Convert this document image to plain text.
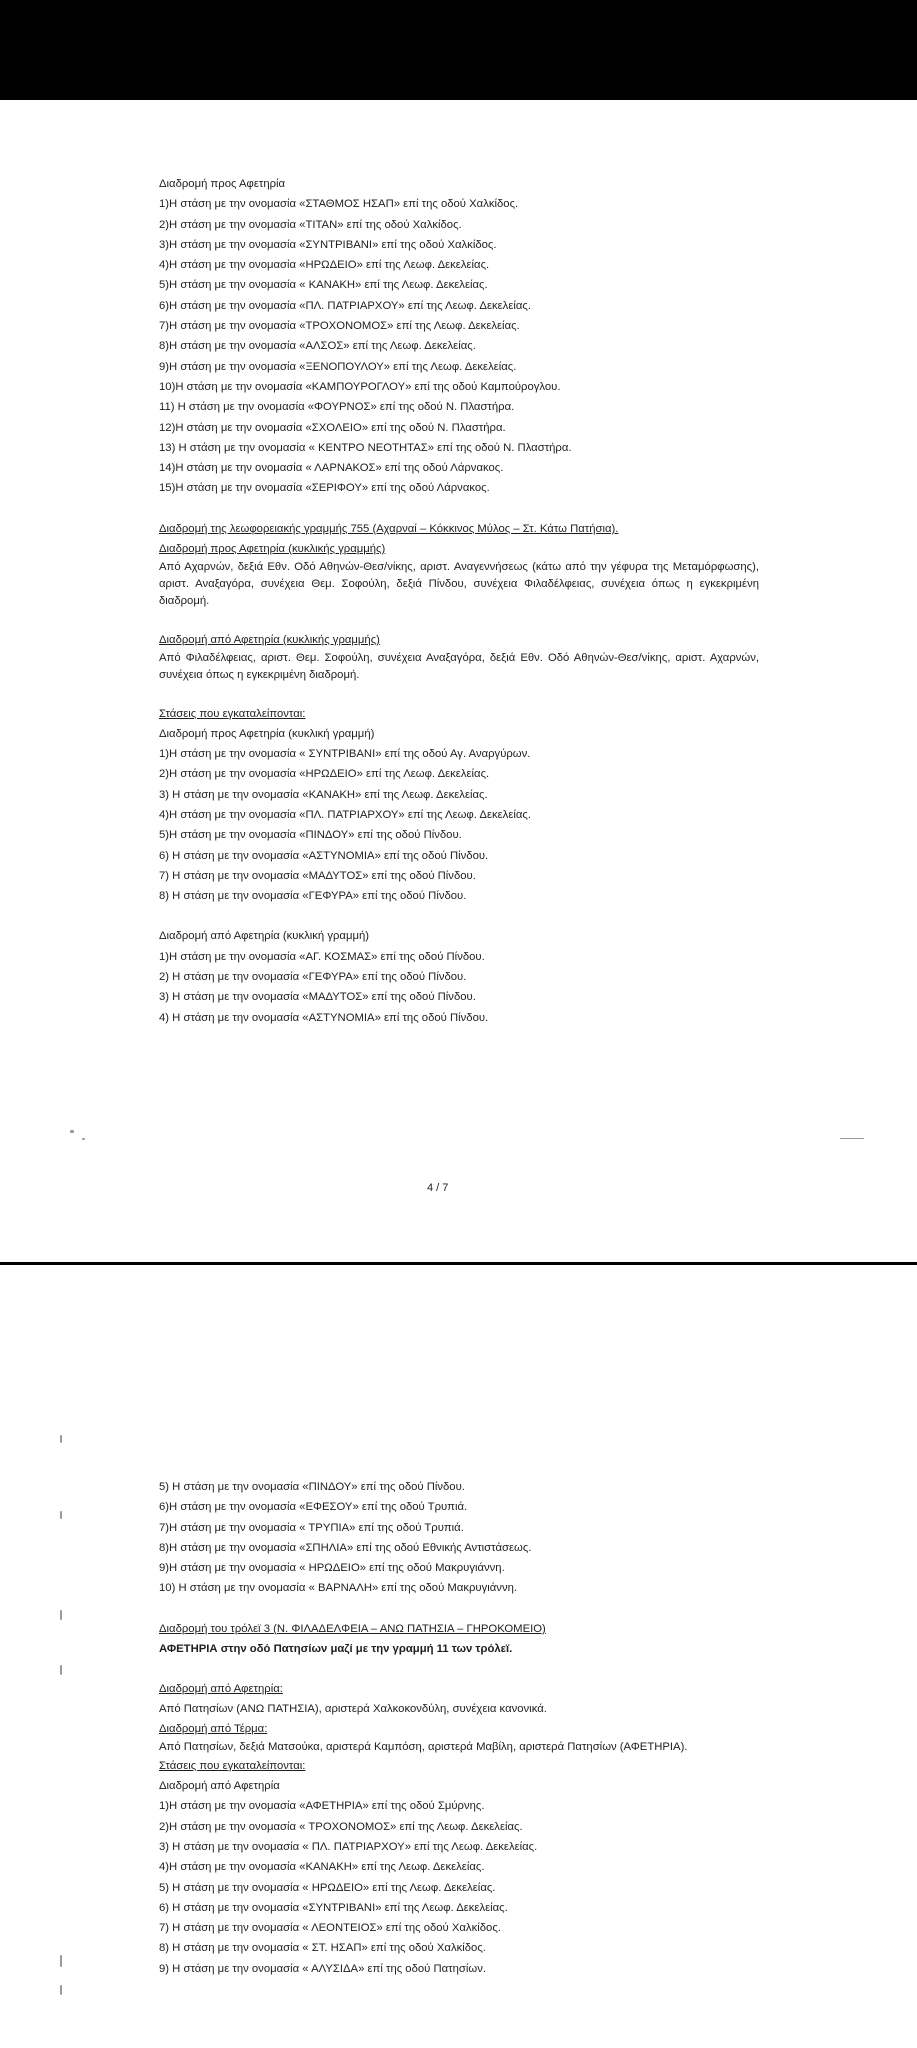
Διαδρομή προς Αφετηρία
1)Η στάση με την ονομασία «ΣΤΑΘΜΟΣ ΗΣΑΠ» επί της οδού Χαλκίδος.
2)Η στάση με την ονομασία «ΤΙΤΑΝ» επί της οδού Χαλκίδος.
3)Η στάση με την ονομασία «ΣΥΝΤΡΙΒΑΝΙ» επί της οδού Χαλκίδος.
4)Η στάση με την ονομασία «ΗΡΩΔΕΙΟ» επί της Λεωφ. Δεκελείας.
5)Η στάση με την ονομασία « ΚΑΝΑΚΗ» επί της Λεωφ. Δεκελείας.
6)Η στάση με την ονομασία «ΠΛ. ΠΑΤΡΙΑΡΧΟΥ» επί της Λεωφ. Δεκελείας.
7)Η στάση με την ονομασία «ΤΡΟΧΟΝΟΜΟΣ» επί της Λεωφ. Δεκελείας.
8)Η στάση με την ονομασία «ΑΛΣΟΣ» επί της Λεωφ. Δεκελείας.
9)Η στάση με την ονομασία «ΞΕΝΟΠΟΥΛΟΥ» επί της Λεωφ. Δεκελείας.
10)Η στάση με την ονομασία «ΚΑΜΠΟΥΡΟΓΛΟΥ» επί της οδού Καμπούρογλου.
11) Η στάση με την ονομασία «ΦΟΥΡΝΟΣ» επί της οδού Ν. Πλαστήρα.
12)Η στάση με την ονομασία «ΣΧΟΛΕΙΟ» επί της οδού Ν. Πλαστήρα.
13) Η στάση με την ονομασία « ΚΕΝΤΡΟ ΝΕΟΤΗΤΑΣ» επί της οδού Ν. Πλαστήρα.
14)Η στάση με την ονομασία « ΛΑΡΝΑΚΟΣ» επί της οδού Λάρνακος.
15)Η στάση με την ονομασία «ΣΕΡΙΦΟΥ» επί της οδού Λάρνακος.
Διαδρομή της λεωφορειακής γραμμής 755 (Αχαρναί – Κόκκινος Μύλος – Στ. Κάτω Πατήσια).
Διαδρομή προς Αφετηρία (κυκλικής γραμμής)
Από Αχαρνών, δεξιά Εθν. Οδό Αθηνών-Θεσ/νίκης, αριστ. Αναγεννήσεως (κάτω από την γέφυρα της Μεταμόρφωσης), αριστ. Αναξαγόρα, συνέχεια Θεμ. Σοφούλη, δεξιά Πίνδου, συνέχεια Φιλαδέλφειας, συνέχεια όπως η εγκεκριμένη διαδρομή.
Διαδρομή από Αφετηρία (κυκλικής γραμμής)
Από Φιλαδέλφειας, αριστ. Θεμ. Σοφούλη, συνέχεια Αναξαγόρα, δεξιά Εθν. Οδό Αθηνών-Θεσ/νίκης, αριστ. Αχαρνών, συνέχεια όπως η εγκεκριμένη διαδρομή.
Στάσεις που εγκαταλείπονται:
Διαδρομή προς Αφετηρία (κυκλική γραμμή)
1)Η στάση με την ονομασία « ΣΥΝΤΡΙΒΑΝΙ» επί της οδού Αγ. Αναργύρων.
2)Η στάση με την ονομασία «ΗΡΩΔΕΙΟ» επί της Λεωφ. Δεκελείας.
3) Η στάση με την ονομασία «ΚΑΝΑΚΗ» επί της Λεωφ. Δεκελείας.
4)Η στάση με την ονομασία «ΠΛ. ΠΑΤΡΙΑΡΧΟΥ» επί της Λεωφ. Δεκελείας.
5)Η στάση με την ονομασία «ΠΙΝΔΟΥ» επί της οδού Πίνδου.
6) Η στάση με την ονομασία «ΑΣΤΥΝΟΜΙΑ» επί της οδού Πίνδου.
7) Η στάση με την ονομασία «ΜΑΔΥΤΟΣ» επί της οδού Πίνδου.
8) Η στάση με την ονομασία «ΓΕΦΥΡΑ» επί της οδού Πίνδου.
Διαδρομή από Αφετηρία (κυκλική γραμμή)
1)Η στάση με την ονομασία «ΑΓ. ΚΟΣΜΑΣ» επί της οδού Πίνδου.
2) Η στάση με την ονομασία «ΓΕΦΥΡΑ» επί της οδού Πίνδου.
3) Η στάση με την ονομασία «ΜΑΔΥΤΟΣ» επί της οδού Πίνδου.
4) Η στάση με την ονομασία «ΑΣΤΥΝΟΜΙΑ» επί της οδού Πίνδου.
4 / 7
5) Η στάση με την ονομασία «ΠΙΝΔΟΥ» επί της οδού Πίνδου.
6)Η στάση με την ονομασία «ΕΦΕΣΟΥ» επί της οδού Τρυπιά.
7)Η στάση με την ονομασία « ΤΡΥΠΙΑ» επί της οδού Τρυπιά.
8)Η στάση με την ονομασία «ΣΠΗΛΙΑ» επί της οδού Εθνικής Αντιστάσεως.
9)Η στάση με την ονομασία « ΗΡΩΔΕΙΟ» επί της οδού Μακρυγιάννη.
10) Η στάση με την ονομασία « ΒΑΡΝΑΛΗ» επί της οδού Μακρυγιάννη.
Διαδρομή του τρόλεϊ 3 (Ν. ΦΙΛΑΔΕΛΦΕΙΑ – ΑΝΩ ΠΑΤΗΣΙΑ – ΓΗΡΟΚΟΜΕΙΟ)
ΑΦΕΤΗΡΙΑ στην οδό Πατησίων μαζί με την γραμμή 11 των τρόλεϊ.
Διαδρομή από Αφετηρία:
Από Πατησίων (ΑΝΩ ΠΑΤΗΣΙΑ), αριστερά Χαλκοκονδύλη, συνέχεια κανονικά.
Διαδρομή από Τέρμα:
Από Πατησίων, δεξιά Ματσούκα, αριστερά Καμπόση, αριστερά Μαβίλη, αριστερά Πατησίων (ΑΦΕΤΗΡΙΑ).
Στάσεις που εγκαταλείπονται:
Διαδρομή από Αφετηρία
1)Η στάση με την ονομασία «ΑΦΕΤΗΡΙΑ» επί της οδού Σμύρνης.
2)Η στάση με την ονομασία « ΤΡΟΧΟΝΟΜΟΣ» επί της Λεωφ. Δεκελείας.
3) Η στάση με την ονομασία « ΠΛ. ΠΑΤΡΙΑΡΧΟΥ» επί της Λεωφ. Δεκελείας.
4)Η στάση με την ονομασία «ΚΑΝΑΚΗ» επί της Λεωφ. Δεκελείας.
5) Η στάση με την ονομασία « ΗΡΩΔΕΙΟ» επί της Λεωφ. Δεκελείας.
6) Η στάση με την ονομασία «ΣΥΝΤΡΙΒΑΝΙ» επί της Λεωφ. Δεκελείας.
7) Η στάση με την ονομασία « ΛΕΟΝΤΕΙΟΣ» επί της οδού Χαλκίδος.
8) Η στάση με την ονομασία « ΣΤ. ΗΣΑΠ» επί της οδού Χαλκίδος.
9) Η στάση με την ονομασία « ΑΛΥΣΙΔΑ» επί της οδού Πατησίων.
